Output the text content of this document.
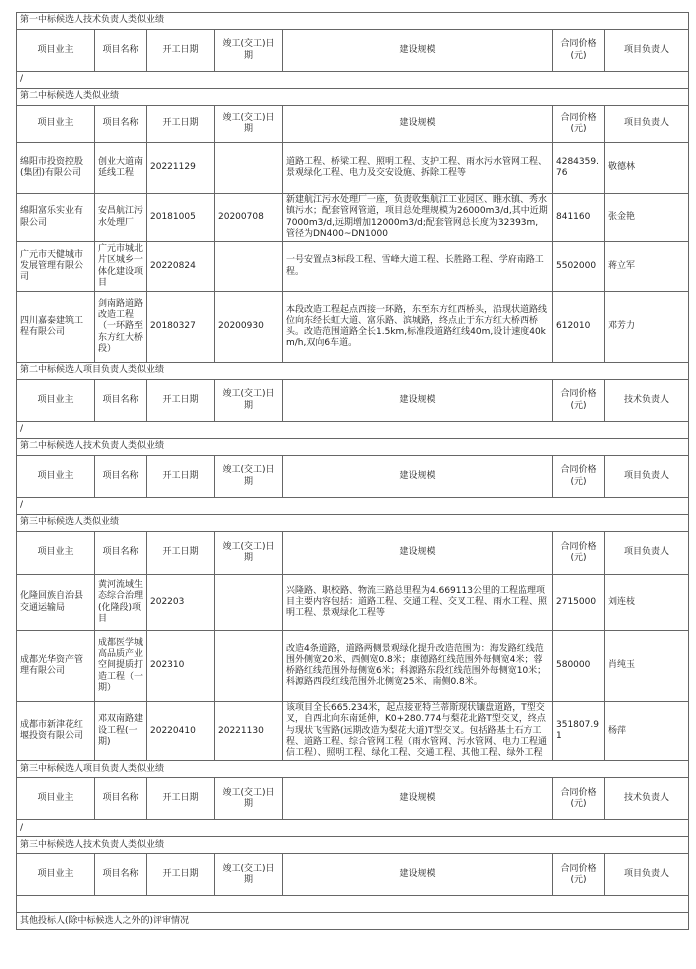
第一中标候选人技术负责人类似业绩						
项目业主	项目名称	开工日期	竣工(交工)日期	建设规模	合同价格(元)	项目负责人
/						
第二中标候选人类似业绩						
项目业主	项目名称	开工日期	竣工(交工)日期	建设规模	合同价格(元)	项目负责人
绵阳市投资控股(集团)有限公司	创业大道南延线工程	20221129		道路工程、桥梁工程、照明工程、支护工程、雨水污水管网工程、景观绿化工程、电力及交安设施、拆除工程等	4284359.76	敬德林
绵阳富乐实业有限公司	安昌航江污水处理厂	20181005	20200708	新建航江污水处理厂一座，负责收集航江工业园区、睢水镇、秀水镇污水；配套管网管道，项目总处理规模为26000m3/d,其中近期7000m3/d,远期增加12000m3/d;配套管网总长度为32393m, 管径为DN400~DN1000	841160	张金艳
广元市天健城市发展管理有限公司	广元市城北片区城乡一体化建设项目	20220824		一号安置点3标段工程、雪峰大道工程、长胜路工程、学府南路工程。	5502000	蒋立军
四川嘉泰建筑工程有限公司	剑南路道路改造工程（一环路至东方红大桥段）	20180327	20200930	本段改造工程起点西接一环路，东至东方红西桥头，沿现状道路线位向东经长虹大道、富乐路、滨城路，终点止于东方红大桥西桥头。改造范围道路全长1.5km,标准段道路红线40m,设计速度40km/h,双向6车道。	612010	邓芳力
第二中标候选人项目负责人类似业绩						
项目业主	项目名称	开工日期	竣工(交工)日期	建设规模	合同价格(元)	技术负责人
/						
第二中标候选人技术负责人类似业绩						
项目业主	项目名称	开工日期	竣工(交工)日期	建设规模	合同价格(元)	项目负责人
/						
第三中标候选人类似业绩						
项目业主	项目名称	开工日期	竣工(交工)日期	建设规模	合同价格(元)	项目负责人
化隆回族自治县交通运输局	黄河流域生态综合治理(化隆段)项目	202203		兴隆路、职校路、物流三路总里程为4.669113公里的工程监理项目主要内容包括：道路工程、交通工程、交叉工程、雨水工程、照明工程、景观绿化工程等	2715000	刘连枝
成都光华资产管理有限公司	成都医学城高品质产业空间提质打造工程（一期）	202310		改造4条道路，道路两侧景观绿化提升改造范围为：海发路红线范围外侧宽20米、西侧宽0.8米；康德路红线范围外每侧宽4米；蓉桥路红线范围外每侧宽6米；科源路东段红线范围外每侧宽10米；科源路西段红线范围外北侧宽25米、南侧0.8米。	580000	肖纯玉
成都市新津花红堰投资有限公司	邓双南路建设工程(一期)	20220410	20221130	该项目全长665.234米，起点接亚特兰蒂斯现状镶盘道路，T型交叉，自西北向东南延伸，K0+280.774与梨花北路T型交叉，终点与现状飞雪路(远期改造为梨花大道)T型交叉。包括路基土石方工程、道路工程、综合管网工程（雨水管网、污水管网、电力工程通信工程）、照明工程、绿化工程、交通工程、其他工程、绿外工程	351807.91	杨萍
第三中标候选人项目负责人类似业绩						
项目业主	项目名称	开工日期	竣工(交工)日期	建设规模	合同价格(元)	技术负责人
/						
第三中标候选人技术负责人类似业绩						
项目业主	项目名称	开工日期	竣工(交工)日期	建设规模	合同价格(元)	项目负责人

其他投标人(除中标候选人之外的)评审情况						
